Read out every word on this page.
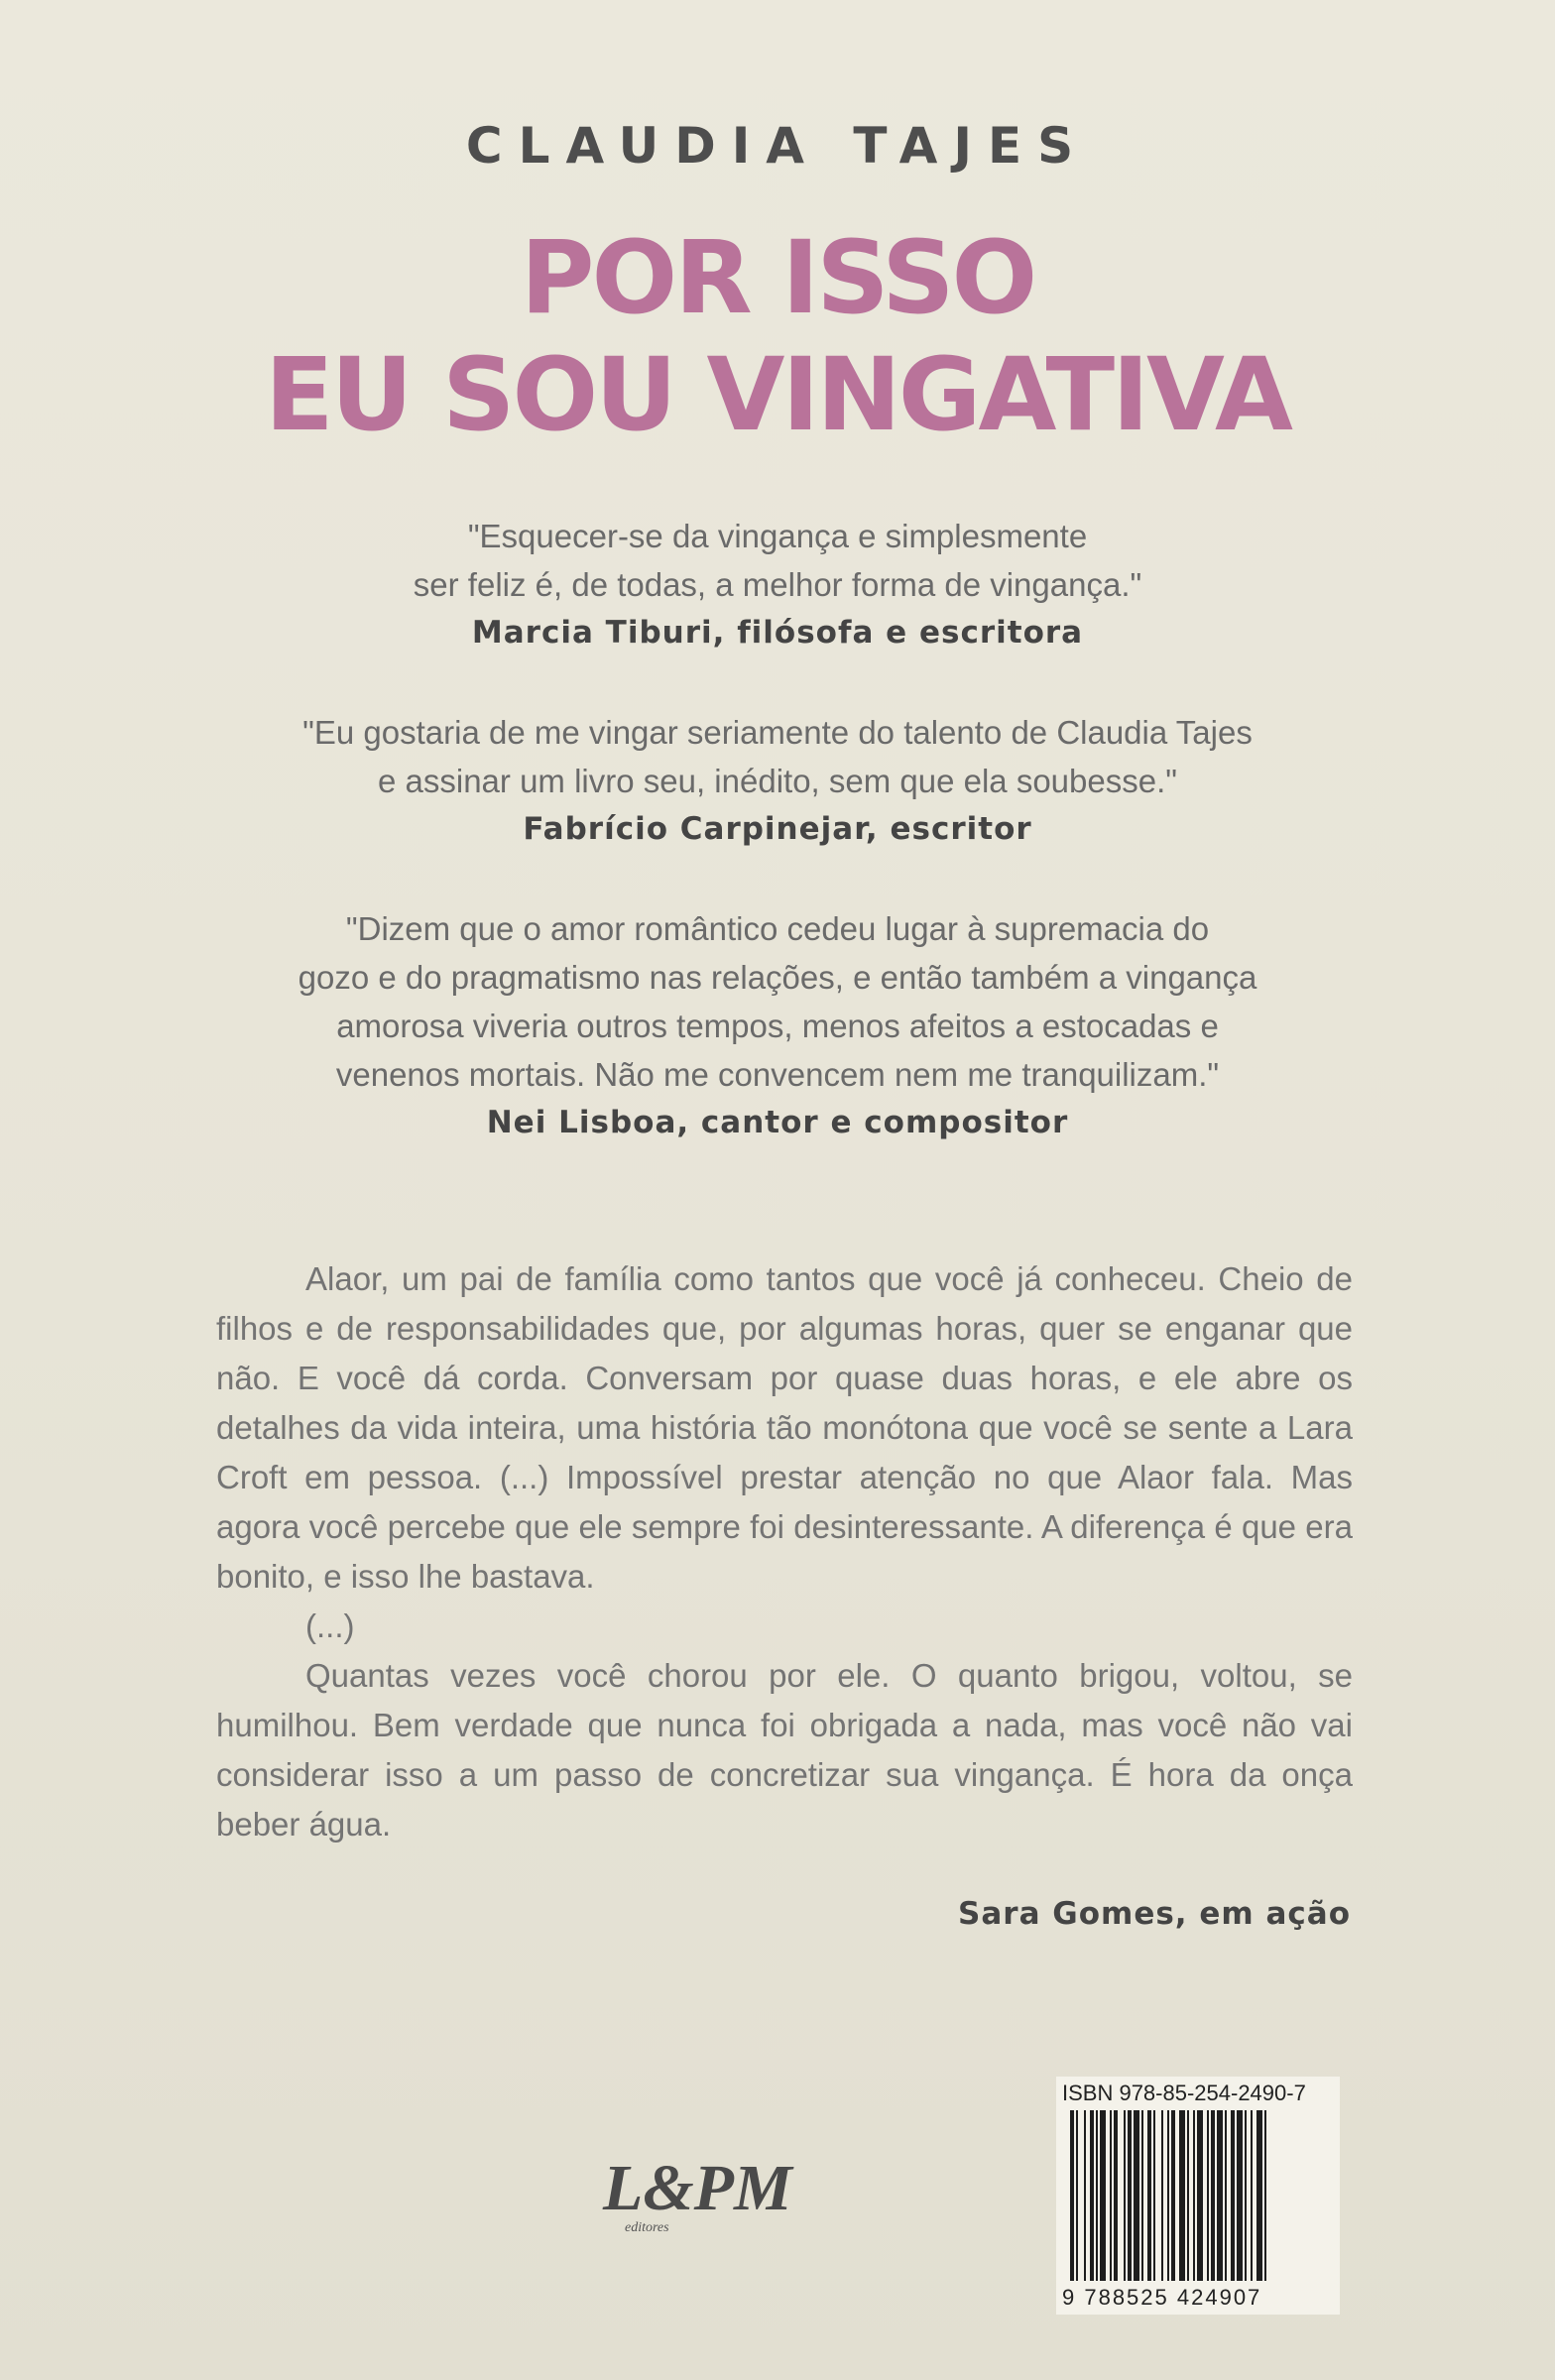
CLAUDIA TAJES
POR ISSO
EU SOU VINGATIVA
"Esquecer-se da vingança e simplesmente
ser feliz é, de todas, a melhor forma de vingança."
Marcia Tiburi, filósofa e escritora
"Eu gostaria de me vingar seriamente do talento de Claudia Tajes
e assinar um livro seu, inédito, sem que ela soubesse."
Fabrício Carpinejar, escritor
"Dizem que o amor romântico cedeu lugar à supremacia do
gozo e do pragmatismo nas relações, e então também a vingança
amorosa viveria outros tempos, menos afeitos a estocadas e
venenos mortais. Não me convencem nem me tranquilizam."
Nei Lisboa, cantor e compositor

Alaor, um pai de família como tantos que você já conheceu. Cheio de filhos e de responsabilidades que, por algumas horas, quer se enganar que não. E você dá corda. Conversam por quase duas horas, e ele abre os detalhes da vida inteira, uma história tão monótona que você se sente a Lara Croft em pessoa. (...) Impossível prestar atenção no que Alaor fala. Mas agora você percebe que ele sempre foi desinteressante. A diferença é que era bonito, e isso lhe bastava.

(...)

Quantas vezes você chorou por ele. O quanto brigou, voltou, se humilhou. Bem verdade que nunca foi obrigada a nada, mas você não vai considerar isso a um passo de concretizar sua vingança. É hora da onça beber água.

Sara Gomes, em ação
L&PM
editores
ISBN 978-85-254-2490-7
9 788525 424907
